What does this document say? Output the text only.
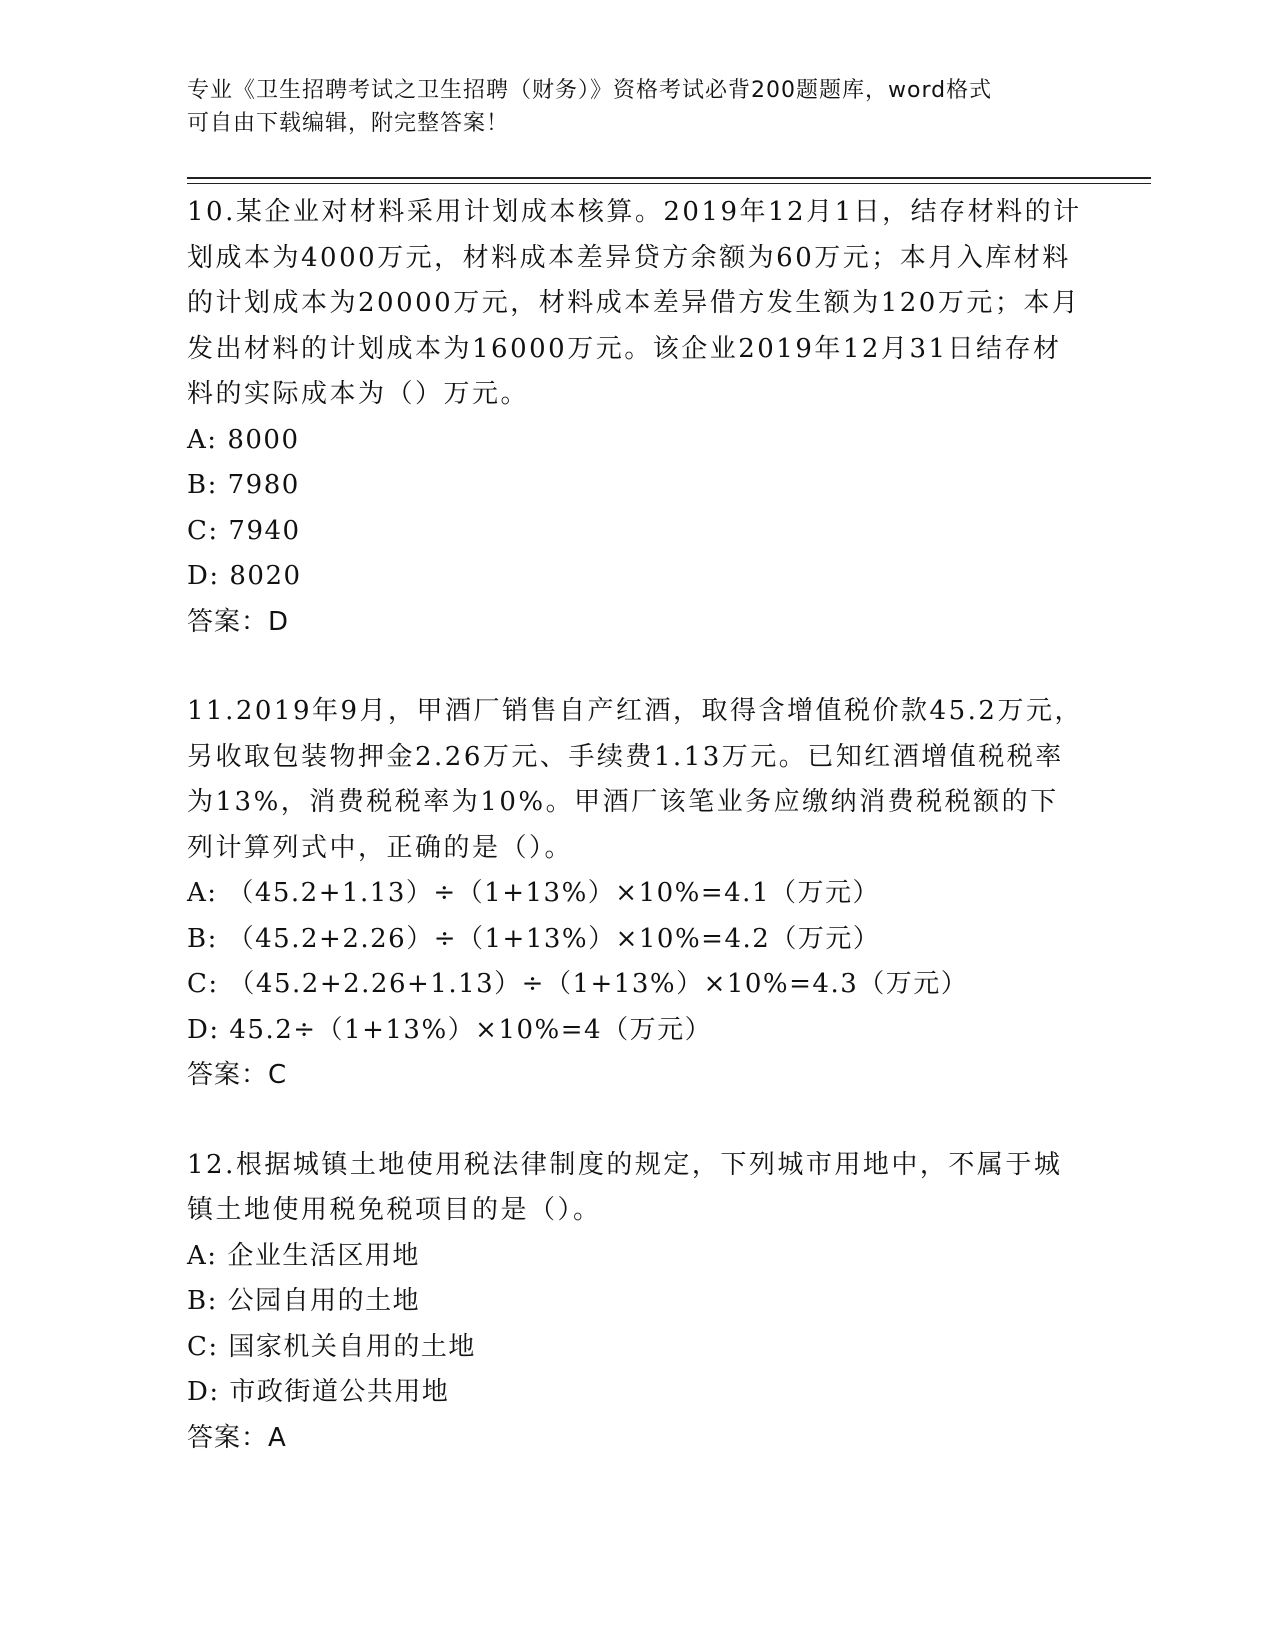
专业《卫生招聘考试之卫生招聘（财务）》资格考试必背200题题库，word格式
可自由下载编辑，附完整答案！

10.某企业对材料采用计划成本核算。2019年12月1日，结存材料的计划成本为4000万元，材料成本差异贷方余额为60万元；本月入库材料的计划成本为20000万元，材料成本差异借方发生额为120万元；本月发出材料的计划成本为16000万元。该企业2019年12月31日结存材料的实际成本为（）万元。

A: 8000

B: 7980

C: 7940

D: 8020

答案：D

11.2019年9月，甲酒厂销售自产红酒，取得含增值税价款45.2万元，另收取包装物押金2.26万元、手续费1.13万元。已知红酒增值税税率为13%，消费税税率为10%。甲酒厂该笔业务应缴纳消费税税额的下列计算列式中，正确的是（）。

A: （45.2+1.13）÷（1+13%）×10%=4.1（万元）

B: （45.2+2.26）÷（1+13%）×10%=4.2（万元）

C: （45.2+2.26+1.13）÷（1+13%）×10%=4.3（万元）

D: 45.2÷（1+13%）×10%=4（万元）

答案：C

12.根据城镇土地使用税法律制度的规定，下列城市用地中，不属于城镇土地使用税免税项目的是（）。

A: 企业生活区用地

B: 公园自用的土地

C: 国家机关自用的土地

D: 市政街道公共用地

答案：A
